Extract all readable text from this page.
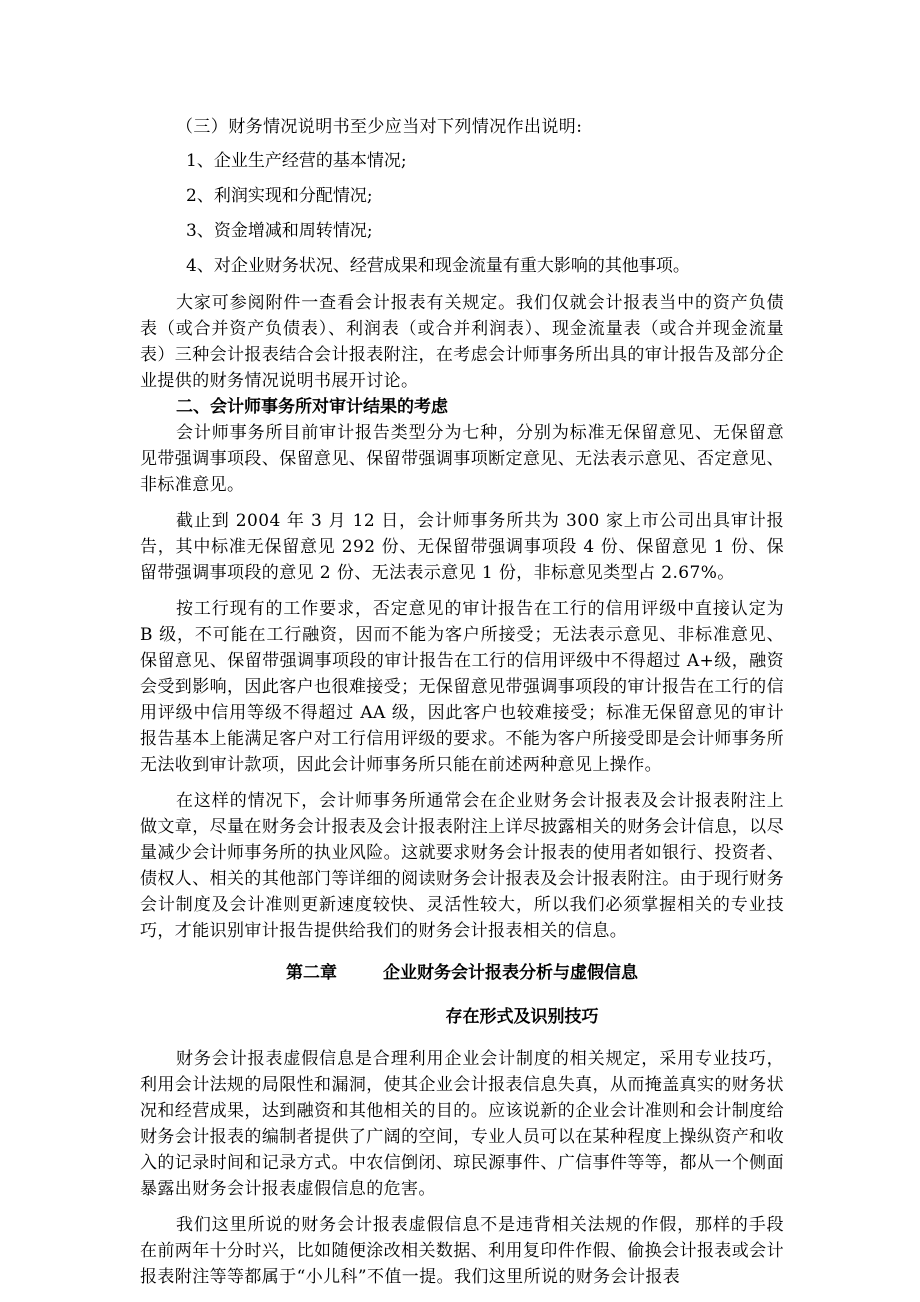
（三）财务情况说明书至少应当对下列情况作出说明:

1、企业生产经营的基本情况;

2、利润实现和分配情况;

3、资金增减和周转情况;

4、对企业财务状况、经营成果和现金流量有重大影响的其他事项。

大家可参阅附件一查看会计报表有关规定。我们仅就会计报表当中的资产负债表（或合并资产负债表）、利润表（或合并利润表）、现金流量表（或合并现金流量表）三种会计报表结合会计报表附注，在考虑会计师事务所出具的审计报告及部分企业提供的财务情况说明书展开讨论。

二、会计师事务所对审计结果的考虑

会计师事务所目前审计报告类型分为七种，分别为标准无保留意见、无保留意见带强调事项段、保留意见、保留带强调事项断定意见、无法表示意见、否定意见、非标准意见。

截止到 2004 年 3 月 12 日，会计师事务所共为 300 家上市公司出具审计报告，其中标准无保留意见 292 份、无保留带强调事项段 4 份、保留意见 1 份、保留带强调事项段的意见 2 份、无法表示意见 1 份，非标意见类型占 2.67%。

按工行现有的工作要求，否定意见的审计报告在工行的信用评级中直接认定为 B 级，不可能在工行融资，因而不能为客户所接受；无法表示意见、非标准意见、保留意见、保留带强调事项段的审计报告在工行的信用评级中不得超过 A+级，融资会受到影响，因此客户也很难接受；无保留意见带强调事项段的审计报告在工行的信用评级中信用等级不得超过 AA 级，因此客户也较难接受；标准无保留意见的审计报告基本上能满足客户对工行信用评级的要求。不能为客户所接受即是会计师事务所无法收到审计款项，因此会计师事务所只能在前述两种意见上操作。

在这样的情况下，会计师事务所通常会在企业财务会计报表及会计报表附注上做文章，尽量在财务会计报表及会计报表附注上详尽披露相关的财务会计信息，以尽量减少会计师事务所的执业风险。这就要求财务会计报表的使用者如银行、投资者、债权人、相关的其他部门等详细的阅读财务会计报表及会计报表附注。由于现行财务会计制度及会计准则更新速度较快、灵活性较大，所以我们必须掌握相关的专业技巧，才能识别审计报告提供给我们的财务会计报表相关的信息。

第二章	企业财务会计报表分析与虚假信息

存在形式及识别技巧

财务会计报表虚假信息是合理利用企业会计制度的相关规定，采用专业技巧，利用会计法规的局限性和漏洞，使其企业会计报表信息失真，从而掩盖真实的财务状况和经营成果，达到融资和其他相关的目的。应该说新的企业会计准则和会计制度给财务会计报表的编制者提供了广阔的空间，专业人员可以在某种程度上操纵资产和收入的记录时间和记录方式。中农信倒闭、琼民源事件、广信事件等等，都从一个侧面暴露出财务会计报表虚假信息的危害。

我们这里所说的财务会计报表虚假信息不是违背相关法规的作假，那样的手段在前两年十分时兴，比如随便涂改相关数据、利用复印件作假、偷换会计报表或会计报表附注等等都属于“小儿科”不值一提。我们这里所说的财务会计报表
